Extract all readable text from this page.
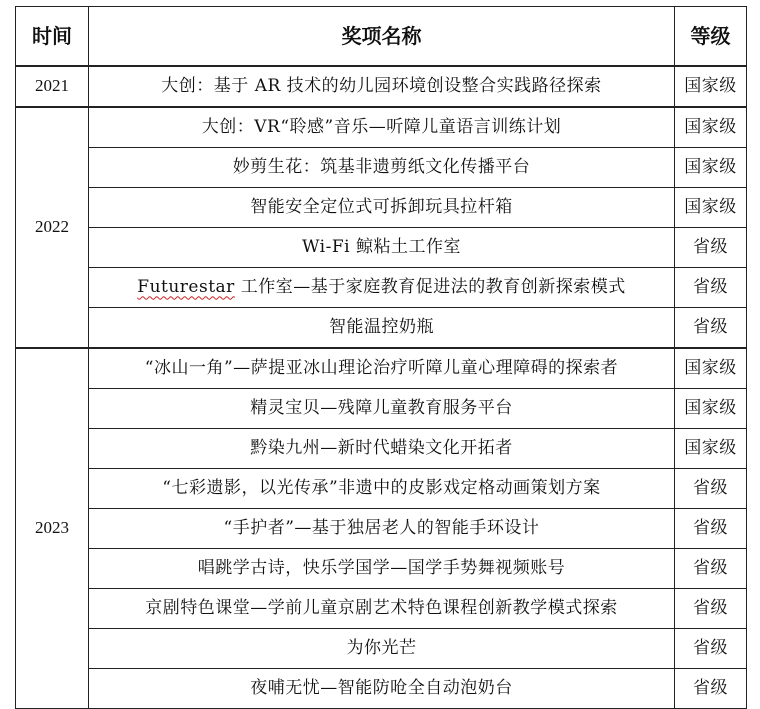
时间	奖项名称	等级
2021	大创：基于 AR 技术的幼儿园环境创设整合实践路径探索	国家级
2022	大创：VR“聆感”音乐—听障儿童语言训练计划	国家级
	妙剪生花：筑基非遗剪纸文化传播平台	国家级
	智能安全定位式可拆卸玩具拉杆箱	国家级
	Wi-Fi 鲸粘土工作室	省级
	Futurestar 工作室—基于家庭教育促进法的教育创新探索模式	省级
	智能温控奶瓶	省级
2023	“冰山一角”—萨提亚冰山理论治疗听障儿童心理障碍的探索者	国家级
	精灵宝贝—残障儿童教育服务平台	国家级
	黔染九州—新时代蜡染文化开拓者	国家级
	“七彩遗影，以光传承”非遗中的皮影戏定格动画策划方案	省级
	“手护者”—基于独居老人的智能手环设计	省级
	唱跳学古诗，快乐学国学—国学手势舞视频账号	省级
	京剧特色课堂—学前儿童京剧艺术特色课程创新教学模式探索	省级
	为你光芒	省级
	夜哺无忧—智能防呛全自动泡奶台	省级
